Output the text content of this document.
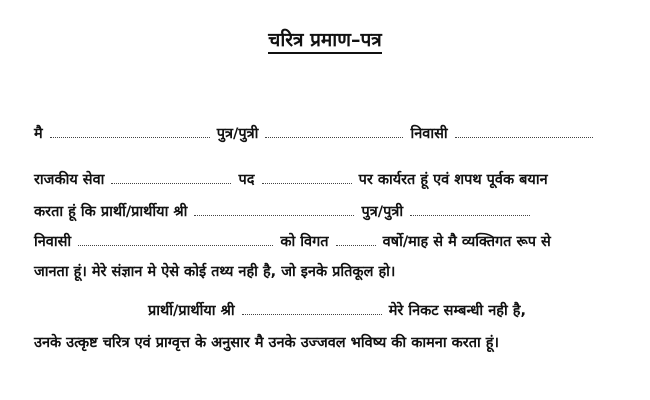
चरित्र प्रमाण–पत्र
मै	पुत्र/पुत्री	निवासी
राजकीय सेवा	पद	पर कार्यरत हूं एवं शपथ पूर्वक बयान
करता हूं कि प्रार्थी/प्रार्थीया श्री	पुत्र/पुत्री
निवासी	को विगत	वर्षो/माह से मै व्यक्तिगत रूप से
जानता हूं। मेरे संज्ञान मे ऐसे कोई तथ्य नही है, जो इनके प्रतिकूल हो।
प्रार्थी/प्रार्थीया श्री	मेरे निकट सम्बन्धी नही है,
उनके उत्कृष्ट चरित्र एवं प्राग्वृत्त के अनुसार मै उनके उज्जवल भविष्य की कामना करता हूं।
